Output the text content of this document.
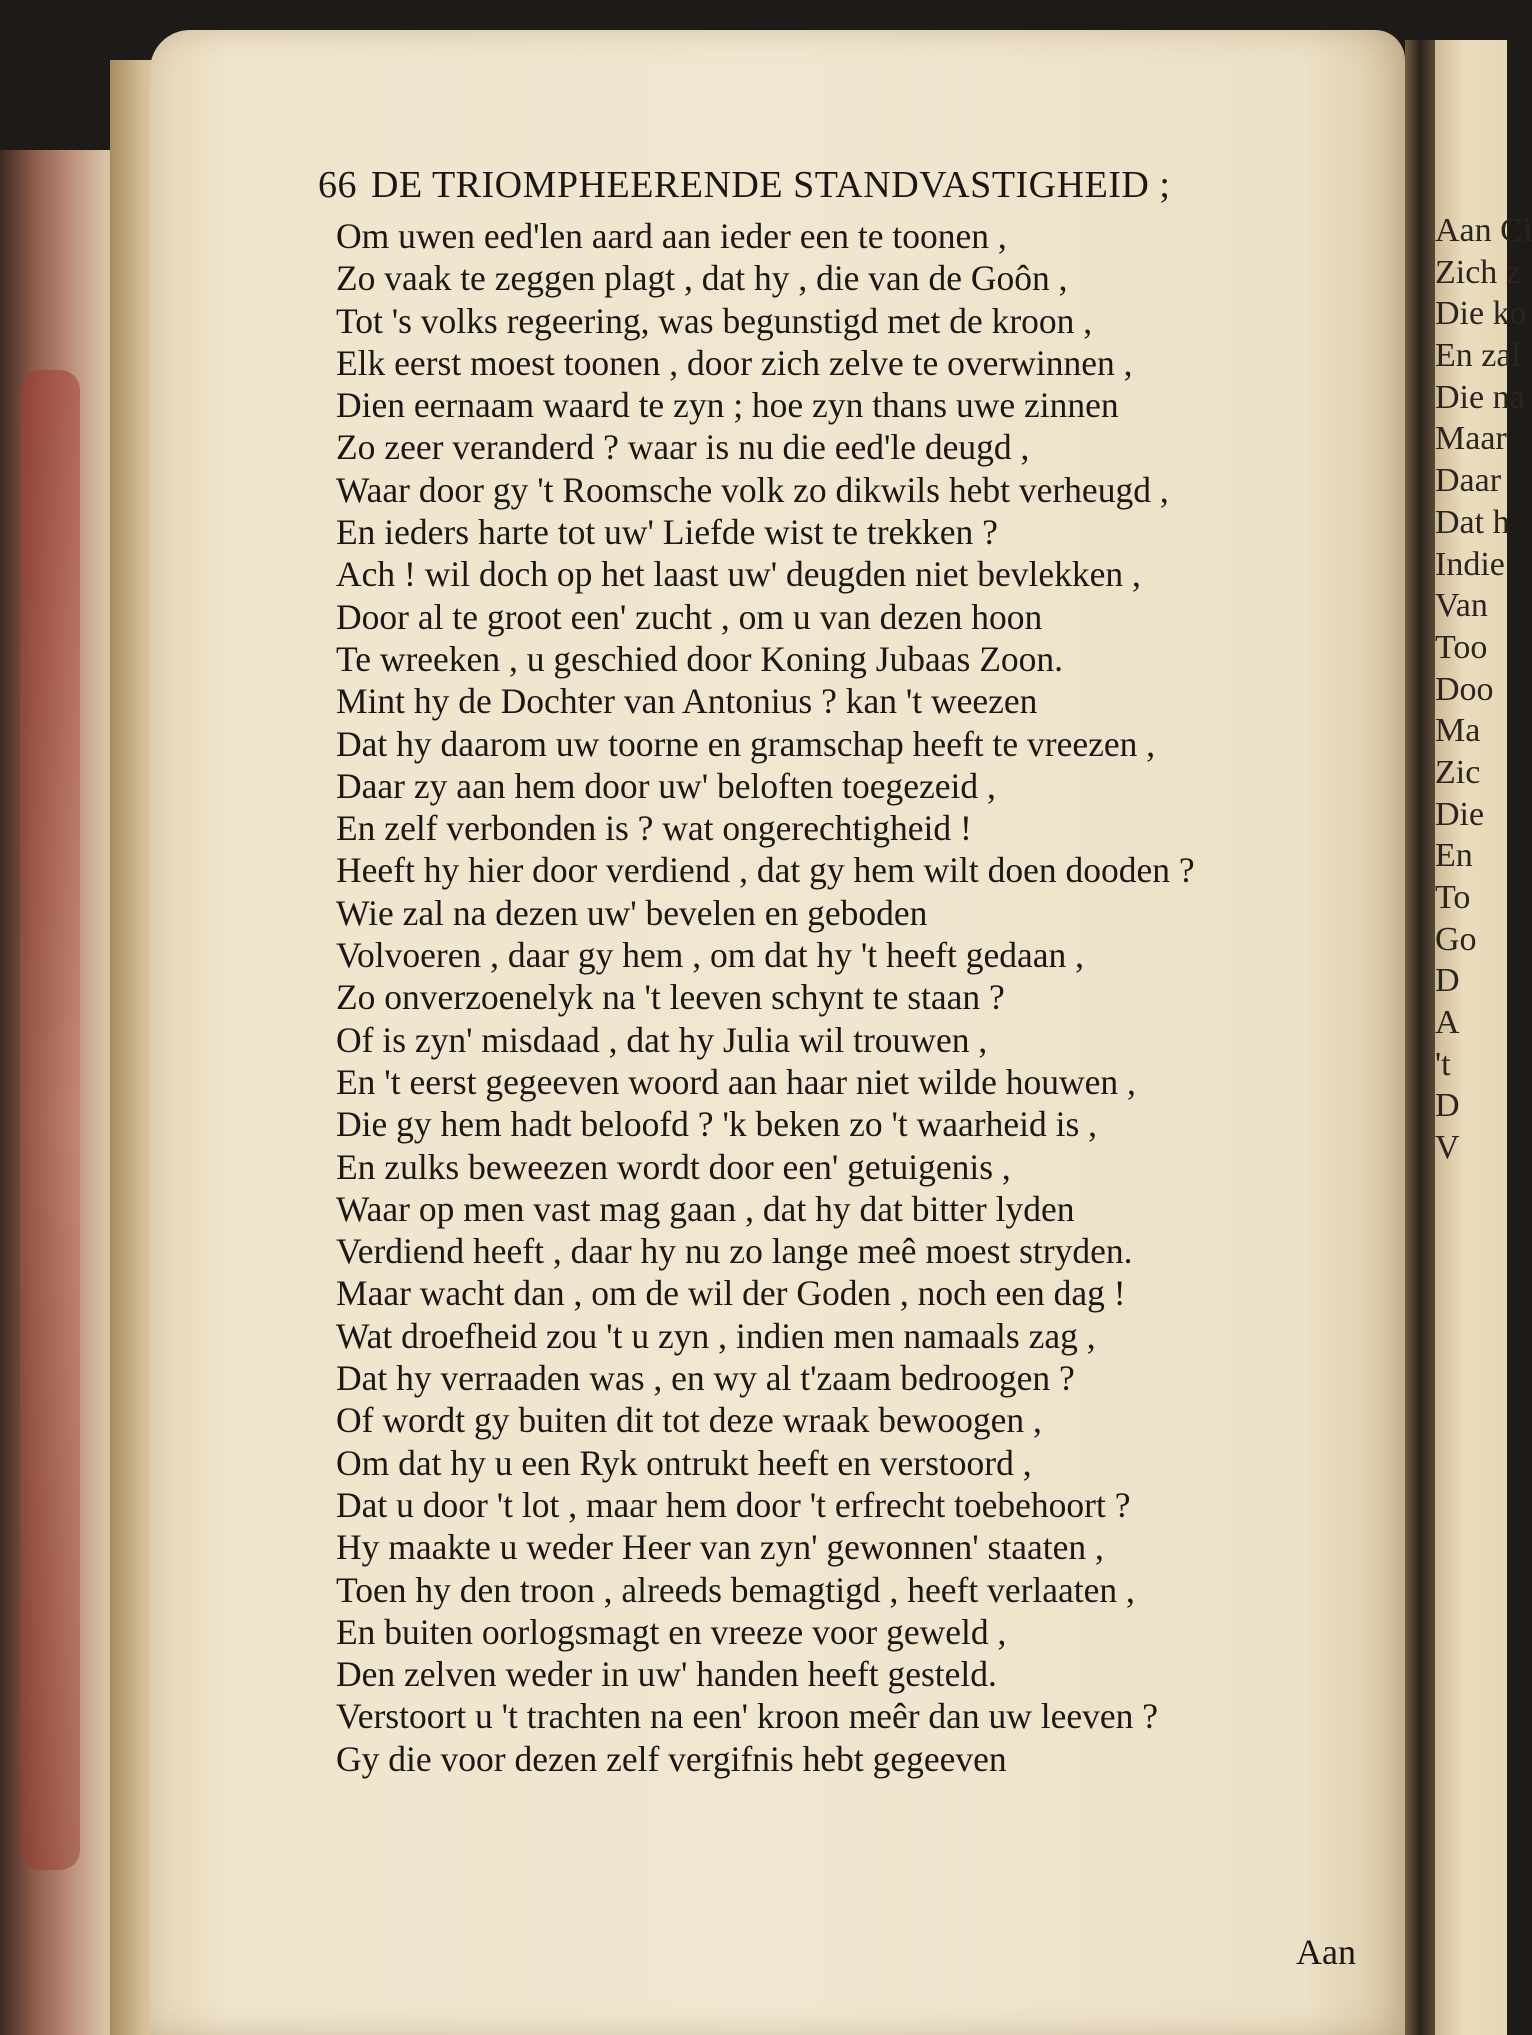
Aan Ci
Zich z
Die ko
En zal
Die na
Maar
Daar
Dat h
Indie
Van
Too
Doo
Ma
Zic
Die
En
To
Go
D
A
't
D
V
66 DE TRIOMPHEERENDE STANDVASTIGHEID ;
Om uwen eed'len aard aan ieder een te toonen ,
Zo vaak te zeggen plagt , dat hy , die van de Goôn ,
Tot 's volks regeering, was begunstigd met de kroon ,
Elk eerst moest toonen , door zich zelve te overwinnen ,
Dien eernaam waard te zyn ; hoe zyn thans uwe zinnen
Zo zeer veranderd ? waar is nu die eed'le deugd ,
Waar door gy 't Roomsche volk zo dikwils hebt verheugd ,
En ieders harte tot uw' Liefde wist te trekken ?
Ach ! wil doch op het laast uw' deugden niet bevlekken ,
Door al te groot een' zucht , om u van dezen hoon
Te wreeken , u geschied door Koning Jubaas Zoon.
Mint hy de Dochter van Antonius ? kan 't weezen
Dat hy daarom uw toorne en gramschap heeft te vreezen ,
Daar zy aan hem door uw' beloften toegezeid ,
En zelf verbonden is ? wat ongerechtigheid !
Heeft hy hier door verdiend , dat gy hem wilt doen dooden ?
Wie zal na dezen uw' bevelen en geboden
Volvoeren , daar gy hem , om dat hy 't heeft gedaan ,
Zo onverzoenelyk na 't leeven schynt te staan ?
Of is zyn' misdaad , dat hy Julia wil trouwen ,
En 't eerst gegeeven woord aan haar niet wilde houwen ,
Die gy hem hadt beloofd ? 'k beken zo 't waarheid is ,
En zulks beweezen wordt door een' getuigenis ,
Waar op men vast mag gaan , dat hy dat bitter lyden
Verdiend heeft , daar hy nu zo lange meê moest stryden.
Maar wacht dan , om de wil der Goden , noch een dag !
Wat droefheid zou 't u zyn , indien men namaals zag ,
Dat hy verraaden was , en wy al t'zaam bedroogen ?
Of wordt gy buiten dit tot deze wraak bewoogen ,
Om dat hy u een Ryk ontrukt heeft en verstoord ,
Dat u door 't lot , maar hem door 't erfrecht toebehoort ?
Hy maakte u weder Heer van zyn' gewonnen' staaten ,
Toen hy den troon , alreeds bemagtigd , heeft verlaaten ,
En buiten oorlogsmagt en vreeze voor geweld ,
Den zelven weder in uw' handen heeft gesteld.
Verstoort u 't trachten na een' kroon meêr dan uw leeven ?
Gy die voor dezen zelf vergifnis hebt gegeeven
Aan
